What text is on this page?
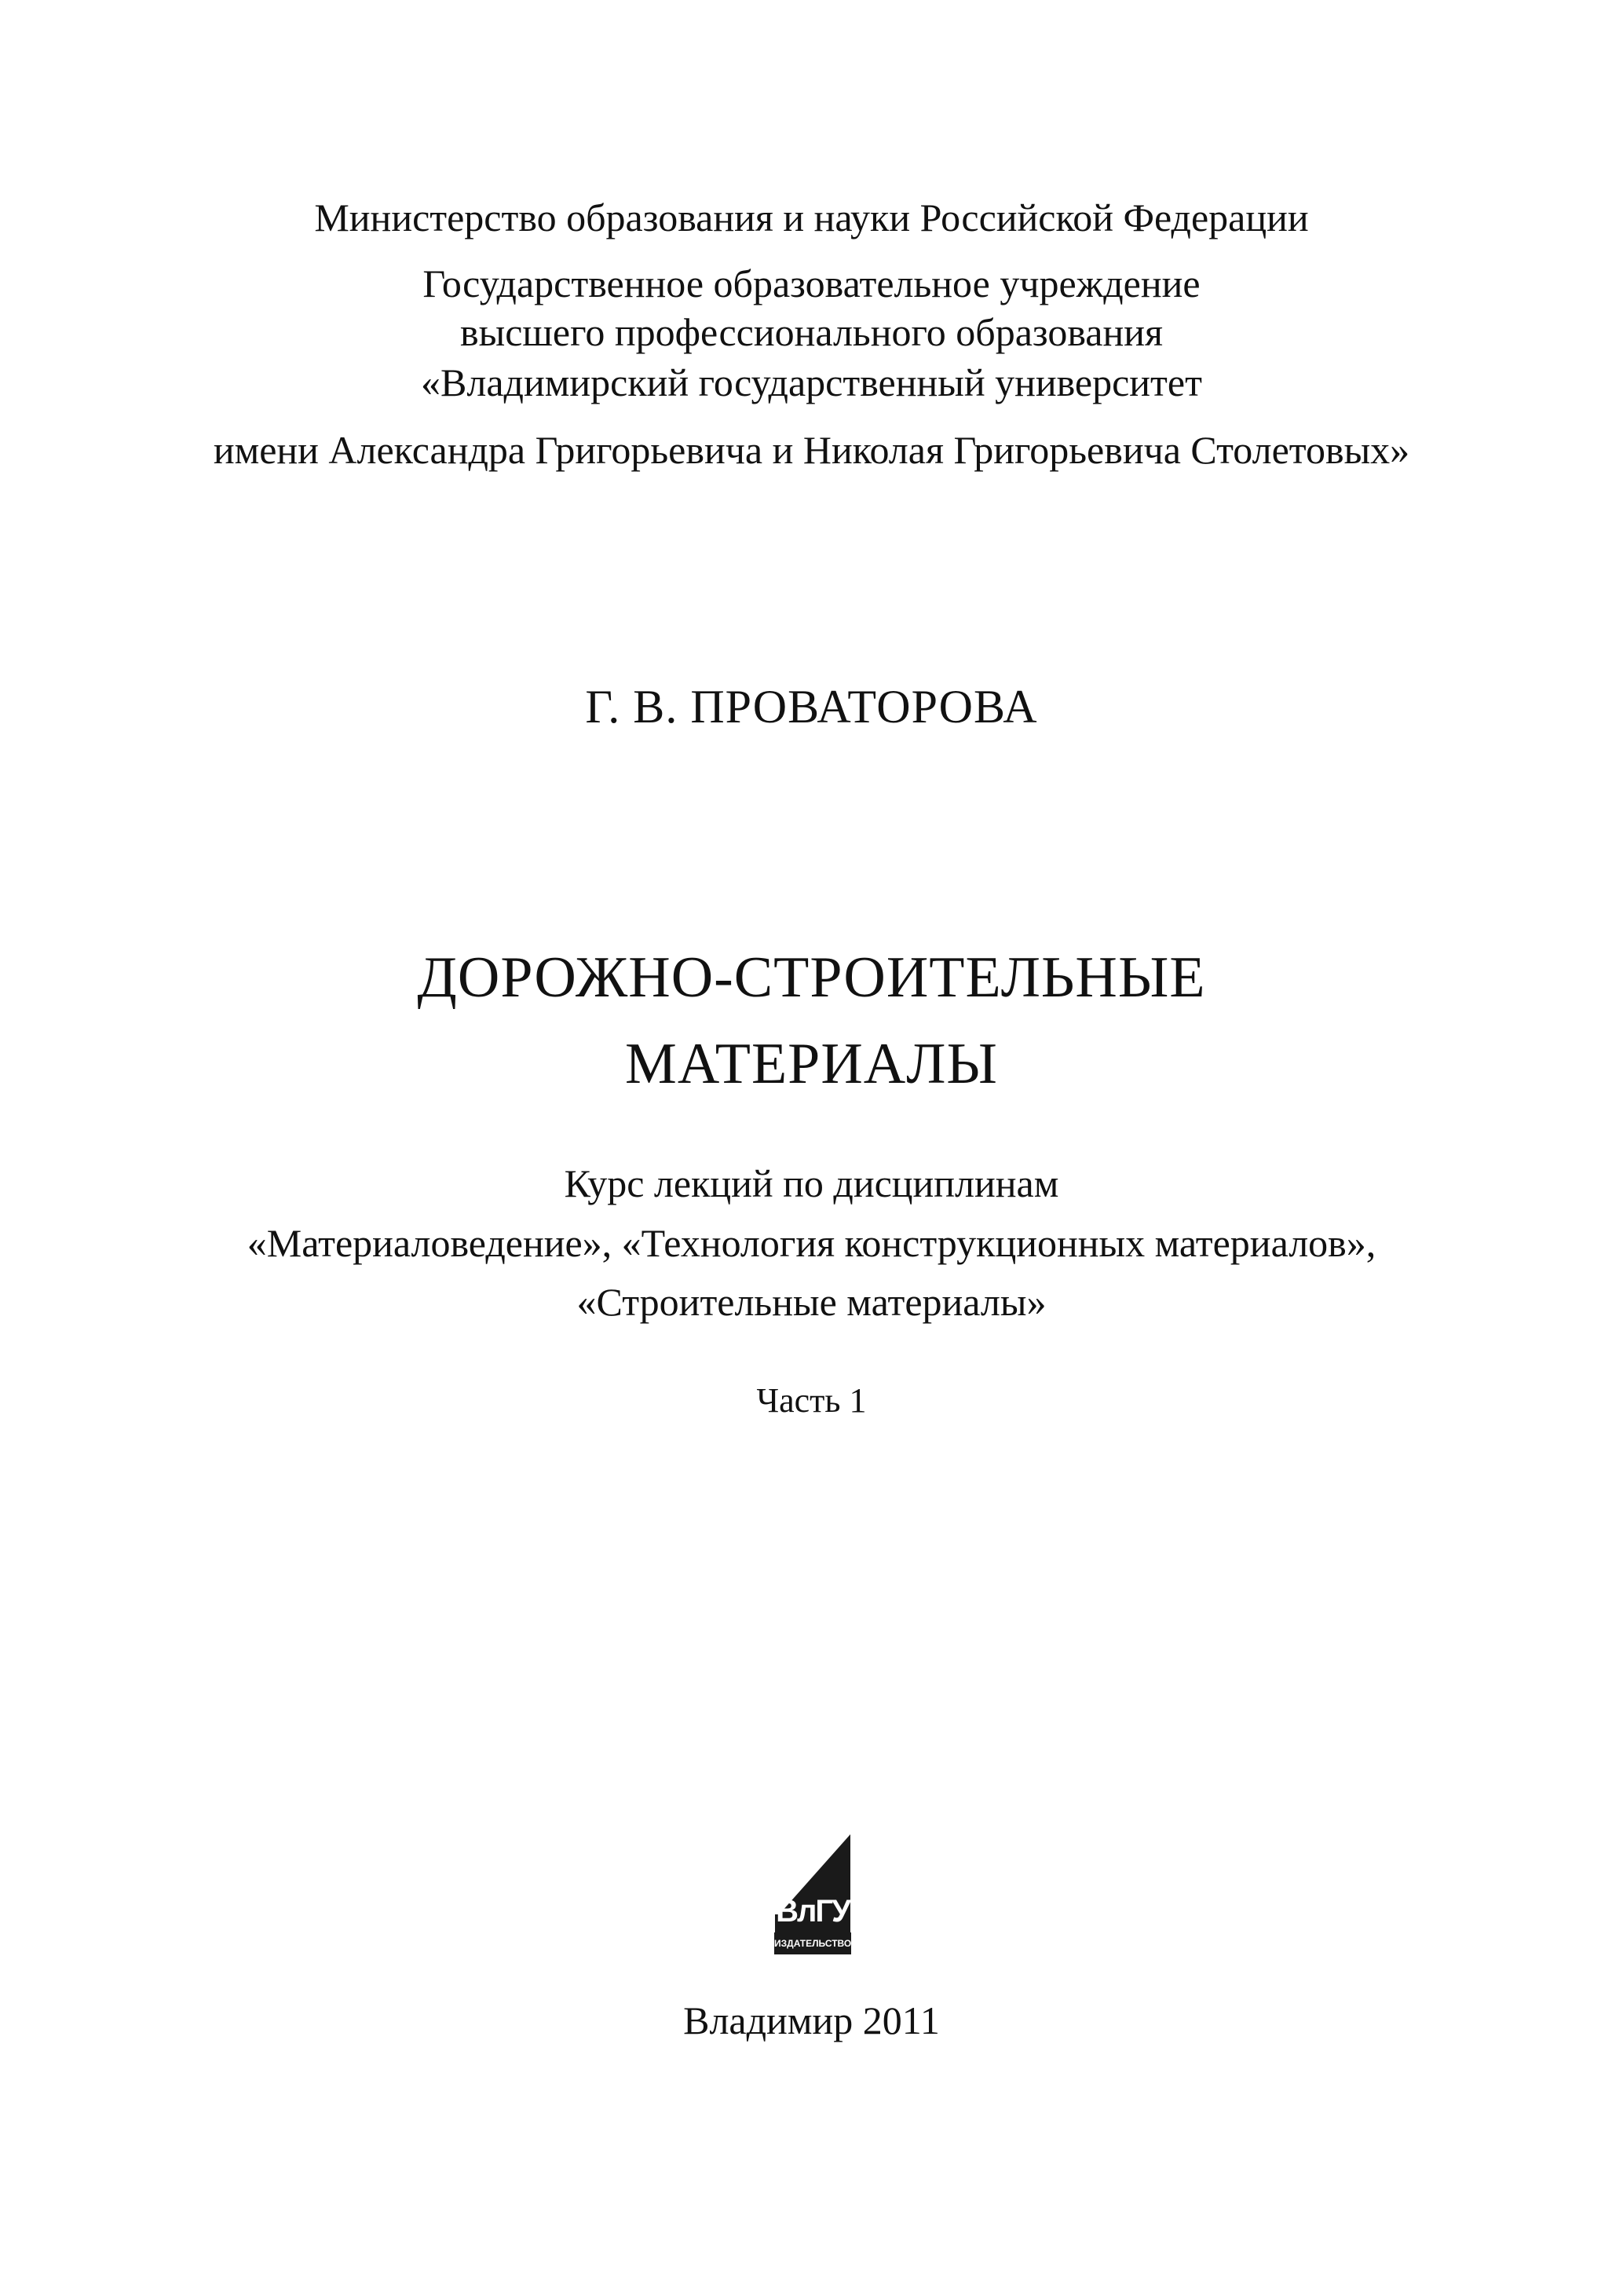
Министерство образования и науки Российской Федерации
Государственное образовательное учреждение
высшего профессионального образования
«Владимирский государственный университет
имени Александра Григорьевича и Николая Григорьевича Столетовых»
Г. В. ПРОВАТОРОВА
ДОРОЖНО-СТРОИТЕЛЬНЫЕ
МАТЕРИАЛЫ
Курс лекций по дисциплинам
«Материаловедение», «Технология конструкционных материалов»,
«Строительные материалы»
Часть 1
ВлГУ
ИЗДАТЕЛЬСТВО
Владимир 2011
